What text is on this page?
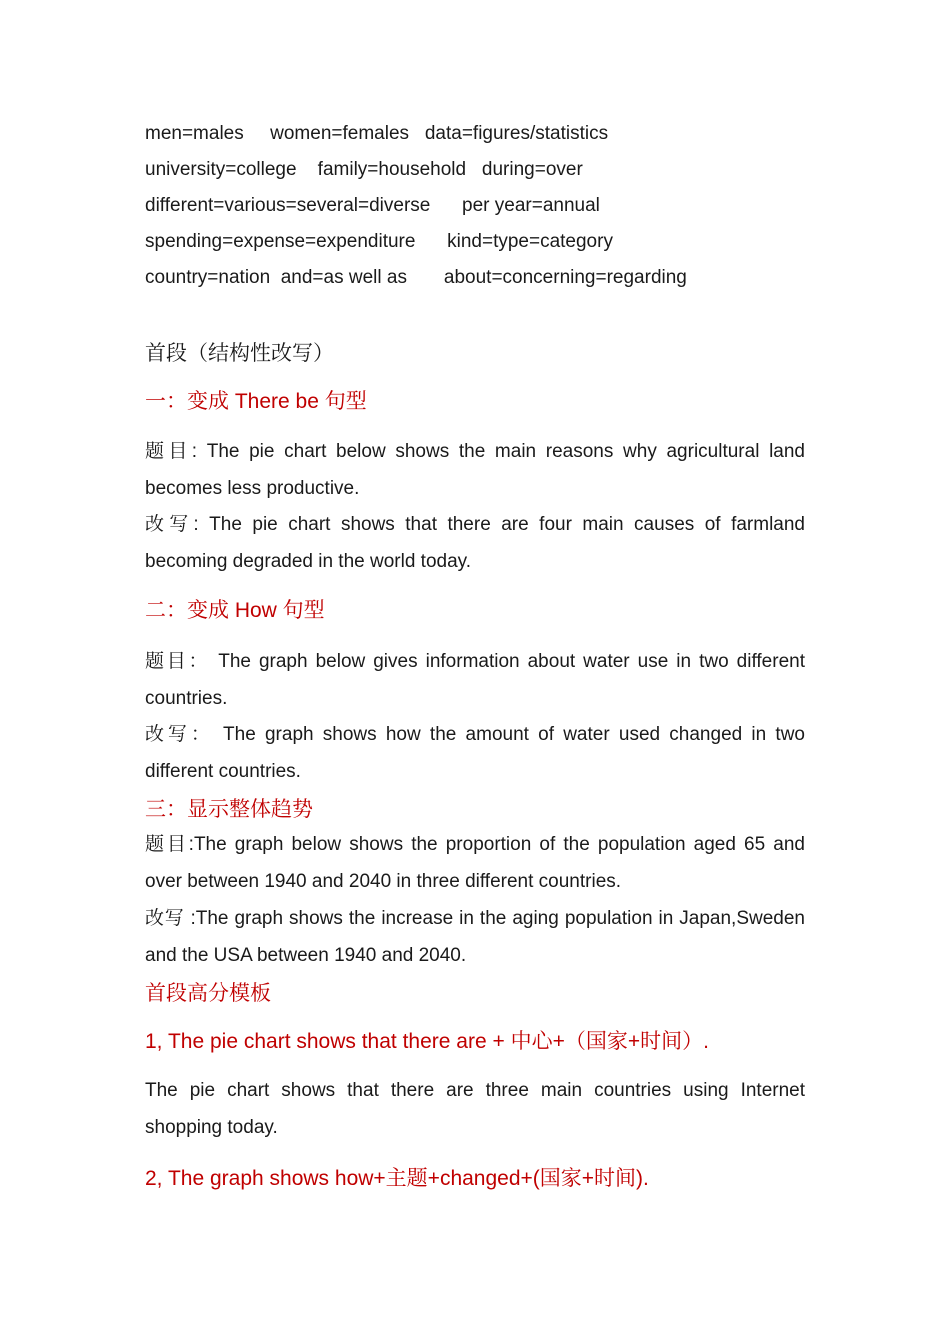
men=males     women=females   data=figures/statistics
university=college    family=household   during=over
different=various=several=diverse      per year=annual
spending=expense=expenditure      kind=type=category
country=nation  and=as well as       about=concerning=regarding
首段（结构性改写）
一：变成 There be 句型
题目: The pie chart below shows the main reasons why agricultural land becomes less productive.
改写: The pie chart shows that there are four main causes of farmland becoming degraded in the world today.
二：变成 How 句型
题目： The graph below gives information about water use in two different countries.
改写： The graph shows how the amount of water used changed in two different countries.
三：显示整体趋势
题目:The graph below shows the proportion of the population aged 65 and over between 1940 and 2040 in three different countries.
改写 :The graph shows the increase in the aging population in Japan,Sweden and the USA between 1940 and 2040.
首段高分模板
1, The pie chart shows that there are + 中心+（国家+时间）.
The pie chart shows that there are three main countries using Internet shopping today.
2, The graph shows how+主题+changed+(国家+时间).
